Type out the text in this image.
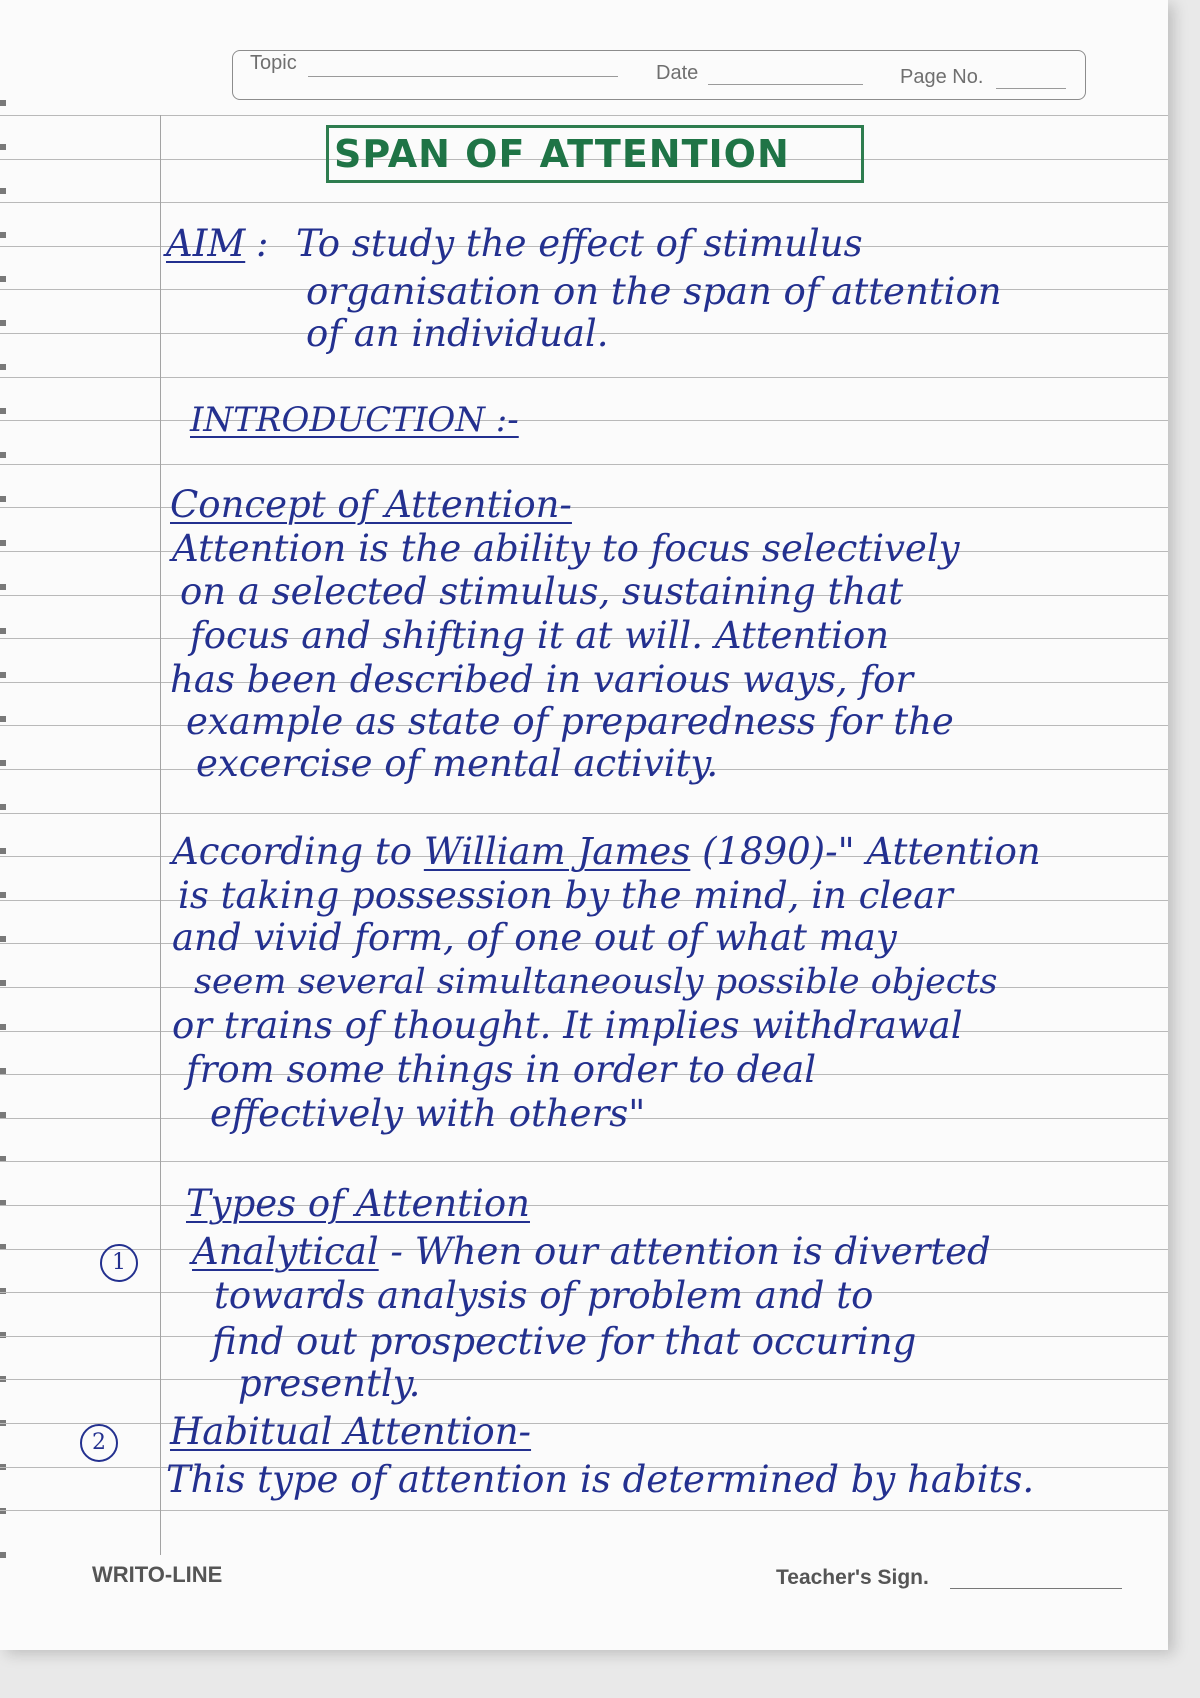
Topic	Date	Page No.
SPAN OF ATTENTION
AIM : To study the effect of stimulus
organisation on the span of attention
of an individual.
INTRODUCTION :-
Concept of Attention-
Attention is the ability to focus selectively
on a selected stimulus, sustaining that
focus and shifting it at will. Attention
has been described in various ways, for
example as state of preparedness for the
excercise of mental activity.
According to William James (1890)-" Attention
is taking possession by the mind, in clear
and vivid form, of one out of what may
seem several simultaneously possible objects
or trains of thought. It implies withdrawal
from some things in order to deal
effectively with others"
Types of Attention
1	Analytical - When our attention is diverted
towards analysis of problem and to
find out prospective for that occuring
presently.
2	Habitual Attention-
This type of attention is determined by habits.
WRITO-LINE	Teacher's Sign.
